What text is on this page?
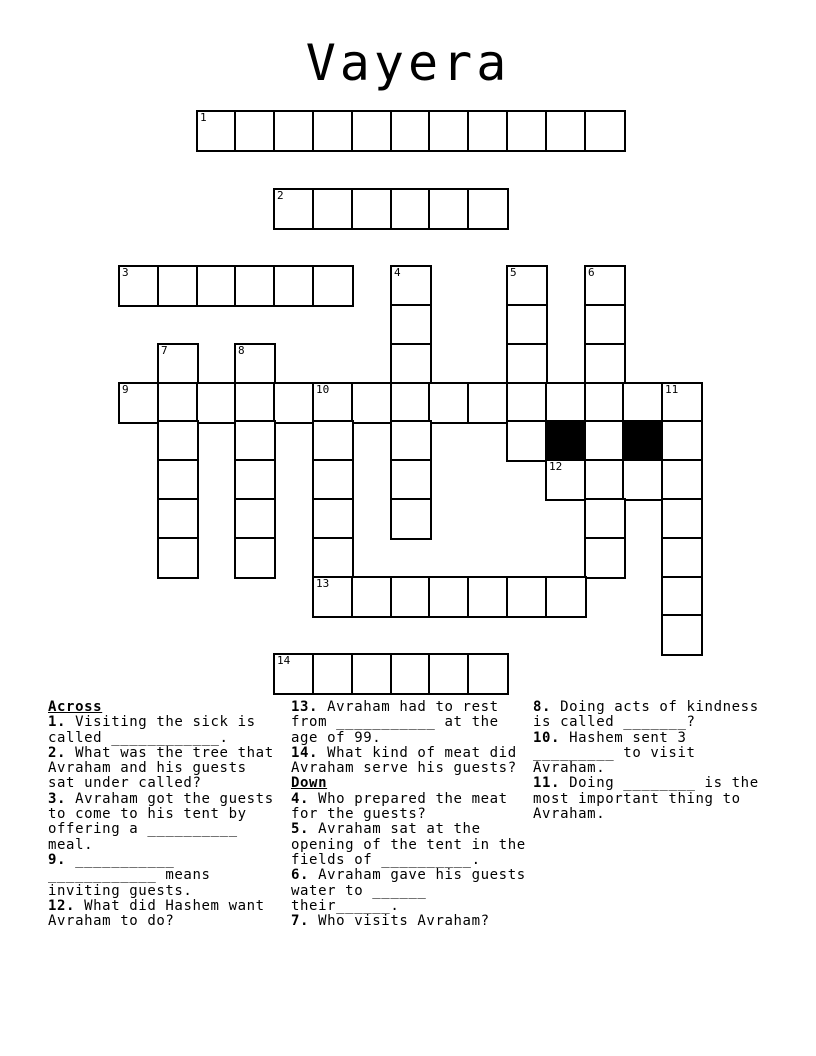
Vayera
1
2
3	4	5	6
7	8
9	10	11
12
13
14
Across
1. Visiting the sick is called ____________.
2. What was the tree that Avraham and his guests sat under called?
3. Avraham got the guests to come to his tent by offering a __________ meal.
9. ___________ ____________ means inviting guests.
12. What did Hashem want Avraham to do?
13. Avraham had to rest from ___________ at the age of 99.
14. What kind of meat did Avraham serve his guests?
Down
4. Who prepared the meat for the guests?
5. Avraham sat at the opening of the tent in the fields of __________.
6. Avraham gave his guests water to ______ their______.
7. Who visits Avraham?
8. Doing acts of kindness is called _______?
10. Hashem sent 3 _________ to visit Avraham.
11. Doing ________ is the most important thing to Avraham.
